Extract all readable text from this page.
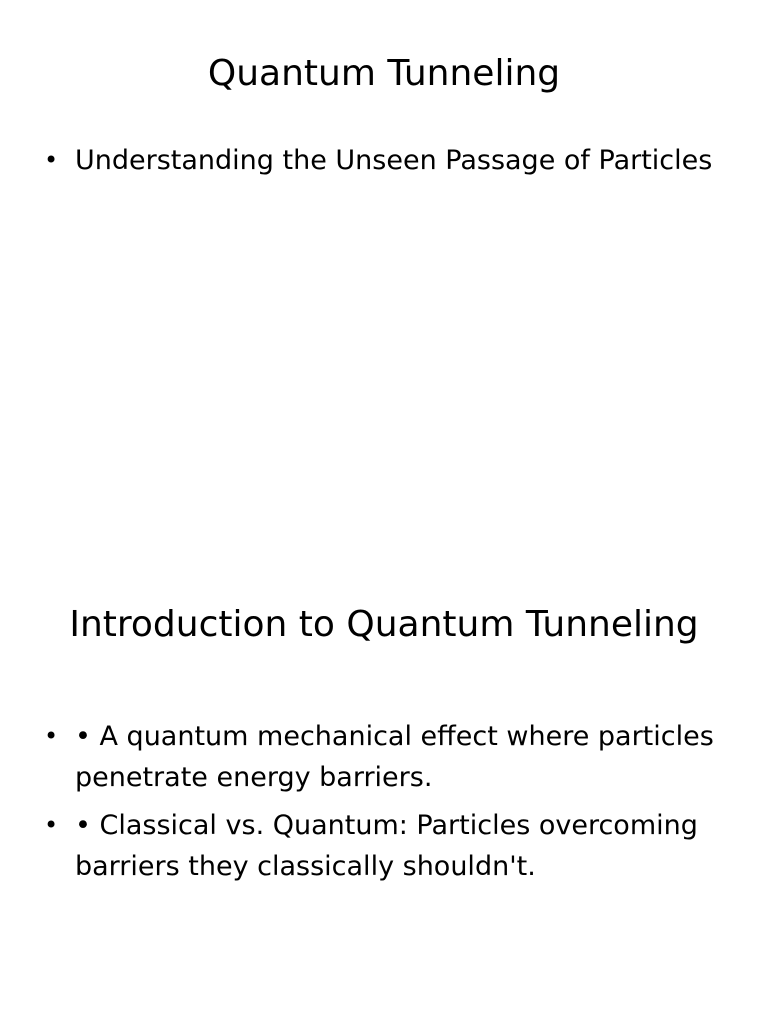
Quantum Tunneling
• Understanding the Unseen Passage of Particles
Introduction to Quantum Tunneling
• • A quantum mechanical effect where particles penetrate energy barriers.
• • Classical vs. Quantum: Particles overcoming barriers they classically shouldn't.
